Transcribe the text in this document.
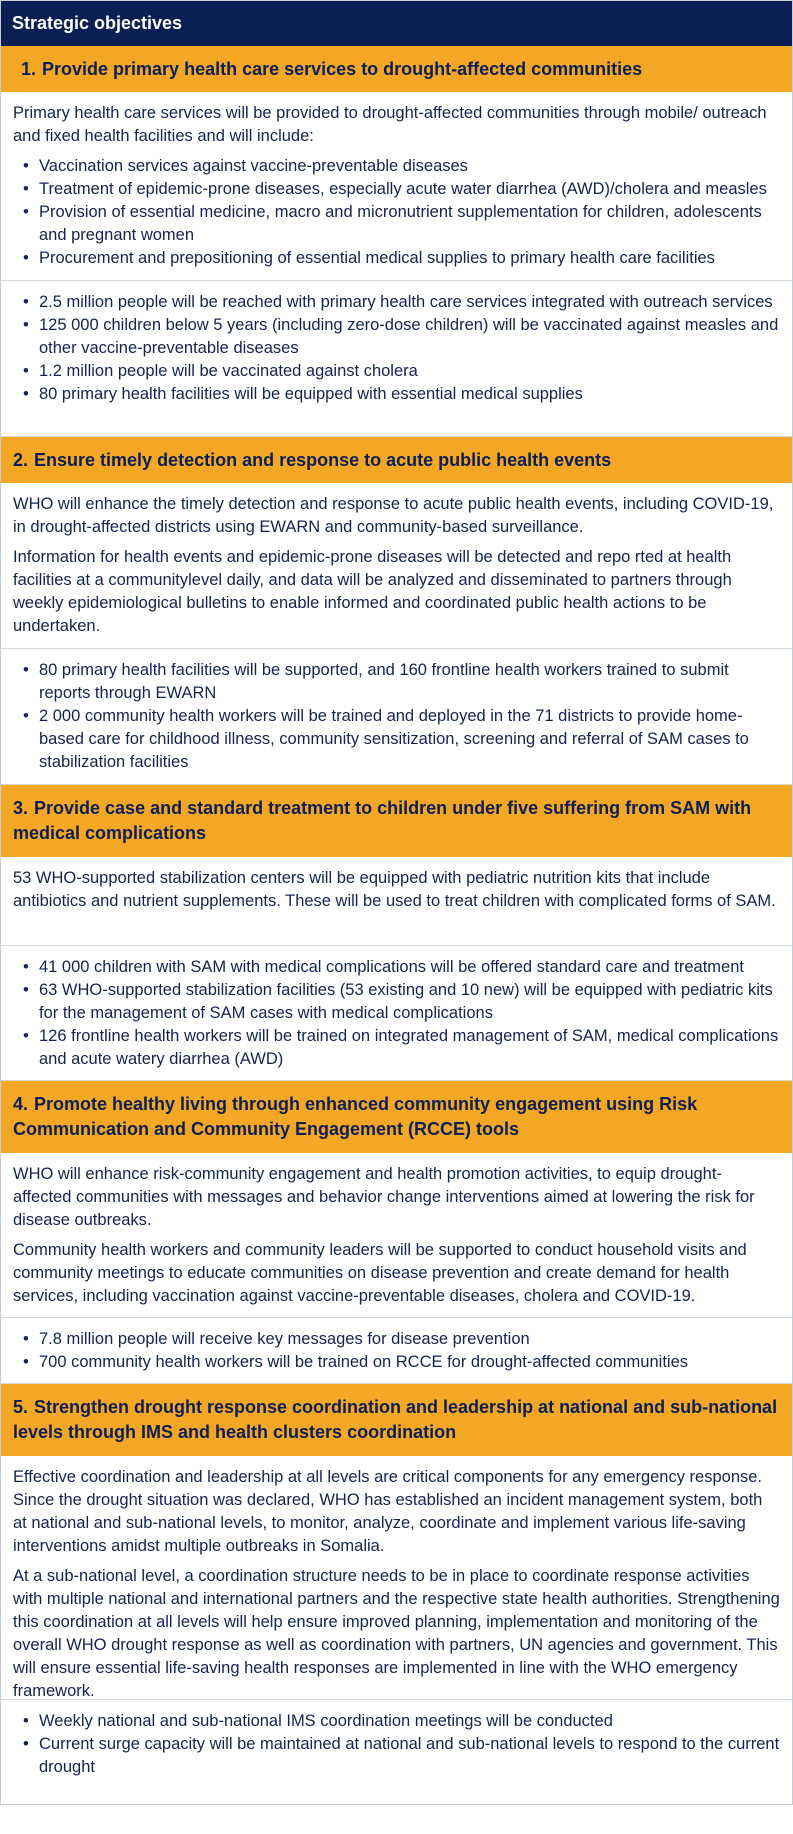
Strategic objectives
1. Provide primary health care services to drought-affected communities

Primary health care services will be provided to drought-affected communities through mobile/ outreach and fixed health facilities and will include:

• Vaccination services against vaccine-preventable diseases
• Treatment of epidemic-prone diseases, especially acute water diarrhea (AWD)/cholera and measles
• Provision of essential medicine, macro and micronutrient supplementation for children, adolescents and pregnant women
• Procurement and prepositioning of essential medical supplies to primary health care facilities
• 2.5 million people will be reached with primary health care services integrated with outreach services
• 125 000 children below 5 years (including zero-dose children) will be vaccinated against measles and other vaccine-preventable diseases
• 1.2 million people will be vaccinated against cholera
• 80 primary health facilities will be equipped with essential medical supplies
2. Ensure timely detection and response to acute public health events

WHO will enhance the timely detection and response to acute public health events, including COVID-19, in drought-affected districts using EWARN and community-based surveillance.

Information for health events and epidemic-prone diseases will be detected and repo rted at health facilities at a communitylevel daily, and data will be analyzed and disseminated to partners through weekly epidemiological bulletins to enable informed and coordinated public health actions to be undertaken.

• 80 primary health facilities will be supported, and 160 frontline health workers trained to submit reports through EWARN
• 2 000 community health workers will be trained and deployed in the 71 districts to provide home-based care for childhood illness, community sensitization, screening and referral of SAM cases to stabilization facilities
3. Provide case and standard treatment to children under five suffering from SAM with medical complications

53 WHO-supported stabilization centers will be equipped with pediatric nutrition kits that include antibiotics and nutrient supplements. These will be used to treat children with complicated forms of SAM.

• 41 000 children with SAM with medical complications will be offered standard care and treatment
• 63 WHO-supported stabilization facilities (53 existing and 10 new) will be equipped with pediatric kits for the management of SAM cases with medical complications
• 126 frontline health workers will be trained on integrated management of SAM, medical complications and acute watery diarrhea (AWD)
4. Promote healthy living through enhanced community engagement using Risk Communication and Community Engagement (RCCE) tools

WHO will enhance risk-community engagement and health promotion activities, to equip drought-affected communities with messages and behavior change interventions aimed at lowering the risk for disease outbreaks.

Community health workers and community leaders will be supported to conduct household visits and community meetings to educate communities on disease prevention and create demand for health services, including vaccination against vaccine-preventable diseases, cholera and COVID-19.

• 7.8 million people will receive key messages for disease prevention
• 700 community health workers will be trained on RCCE for drought-affected communities
5. Strengthen drought response coordination and leadership at national and sub-national levels through IMS and health clusters coordination

Effective coordination and leadership at all levels are critical components for any emergency response. Since the drought situation was declared, WHO has established an incident management system, both at national and sub-national levels, to monitor, analyze, coordinate and implement various life-saving interventions amidst multiple outbreaks in Somalia.

At a sub-national level, a coordination structure needs to be in place to coordinate response activities with multiple national and international partners and the respective state health authorities. Strengthening this coordination at all levels will help ensure improved planning, implementation and monitoring of the overall WHO drought response as well as coordination with partners, UN agencies and government. This will ensure essential life-saving health responses are implemented in line with the WHO emergency framework.

• Weekly national and sub-national IMS coordination meetings will be conducted
• Current surge capacity will be maintained at national and sub-national levels to respond to the current drought
